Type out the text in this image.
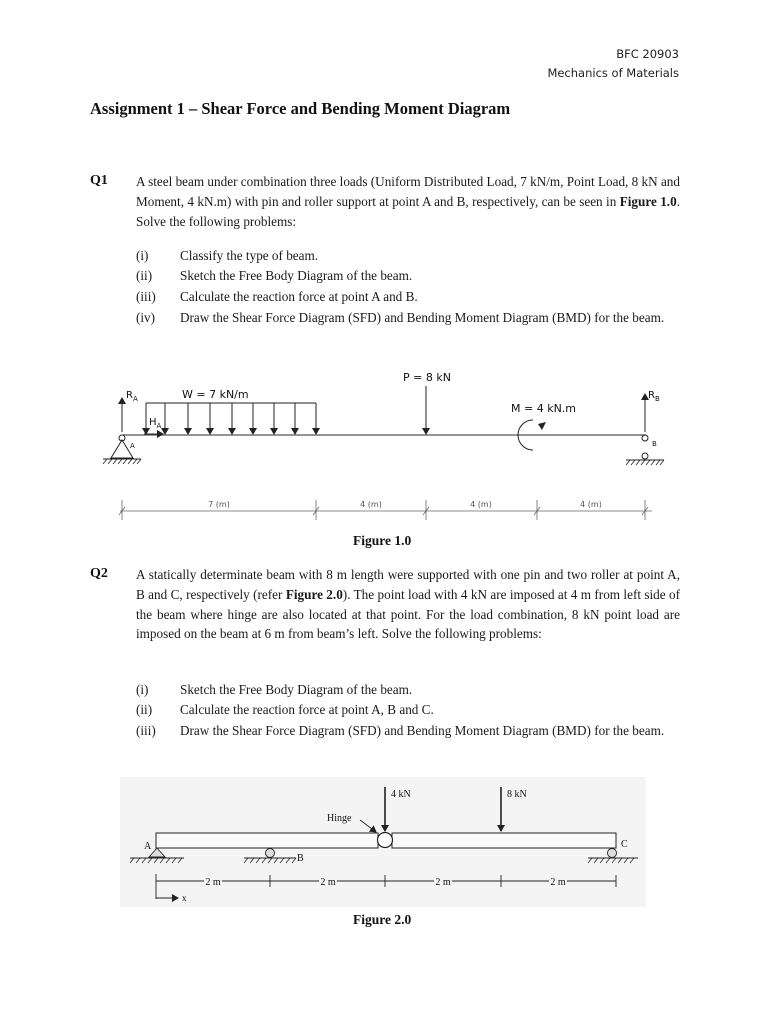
BFC 20903
Mechanics of Materials
Assignment 1 – Shear Force and Bending Moment Diagram
Q1 A steel beam under combination three loads (Uniform Distributed Load, 7 kN/m, Point Load, 8 kN and Moment, 4 kN.m) with pin and roller support at point A and B, respectively, can be seen in Figure 1.0. Solve the following problems:
(i) Classify the type of beam.
(ii) Sketch the Free Body Diagram of the beam.
(iii) Calculate the reaction force at point A and B.
(iv) Draw the Shear Force Diagram (SFD) and Bending Moment Diagram (BMD) for the beam.
W = 7 kN/m
$R_A$
$H_A$
A
P = 8 kN
M = 4 kN.m
$R_B$
B
7 (m)	4 (m)	4 (m)	4 (m)
Figure 1.0
Q2 A statically determinate beam with 8 m length were supported with one pin and two roller at point A, B and C, respectively (refer Figure 2.0). The point load with 4 kN are imposed at 4 m from left side of the beam where hinge are also located at that point. For the load combination, 8 kN point load are imposed on the beam at 6 m from beam’s left. Solve the following problems:
(i) Sketch the Free Body Diagram of the beam.
(ii) Calculate the reaction force at point A, B and C.
(iii) Draw the Shear Force Diagram (SFD) and Bending Moment Diagram (BMD) for the beam.
4 kN	8 kN
Hinge
A
B
C
2 m	2 m	2 m	2 m
x
Figure 2.0
